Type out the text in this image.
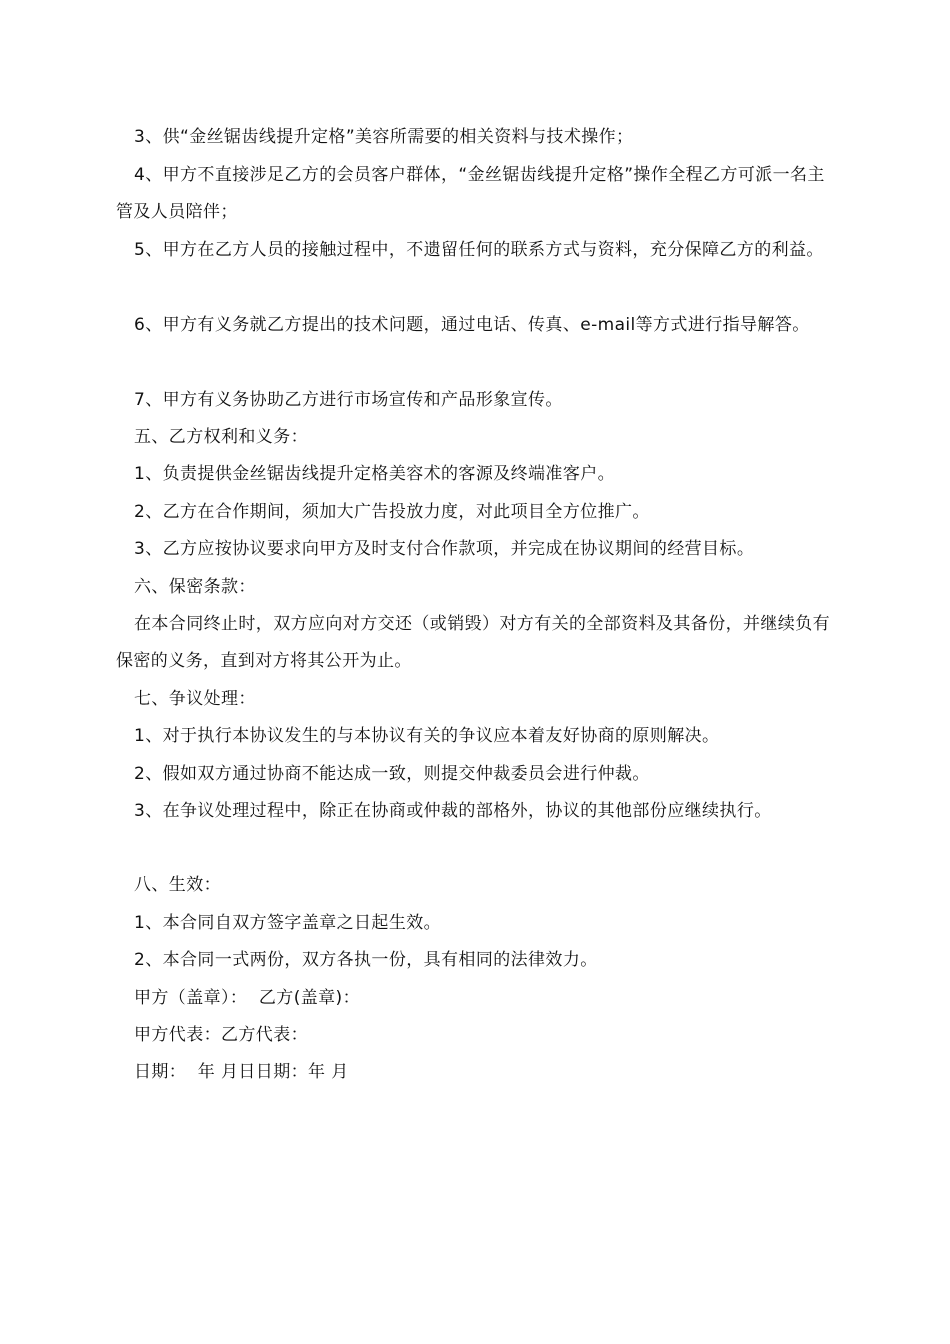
3、供“金丝锯齿线提升定格”美容所需要的相关资料与技术操作；
4、甲方不直接涉足乙方的会员客户群体，“金丝锯齿线提升定格”操作全程乙方可派一名主管及人员陪伴；
5、甲方在乙方人员的接触过程中，不遗留任何的联系方式与资料，充分保障乙方的利益。
6、甲方有义务就乙方提出的技术问题，通过电话、传真、e-mail等方式进行指导解答。
7、甲方有义务协助乙方进行市场宣传和产品形象宣传。
五、乙方权利和义务：
1、负责提供金丝锯齿线提升定格美容术的客源及终端准客户。
2、乙方在合作期间，须加大广告投放力度，对此项目全方位推广。
3、乙方应按协议要求向甲方及时支付合作款项，并完成在协议期间的经营目标。
六、保密条款：
在本合同终止时，双方应向对方交还（或销毁）对方有关的全部资料及其备份，并继续负有保密的义务，直到对方将其公开为止。
七、争议处理：
1、对于执行本协议发生的与本协议有关的争议应本着友好协商的原则解决。
2、假如双方通过协商不能达成一致，则提交仲裁委员会进行仲裁。
3、在争议处理过程中，除正在协商或仲裁的部格外，协议的其他部份应继续执行。
八、生效：
1、本合同自双方签字盖章之日起生效。
2、本合同一式两份，双方各执一份，具有相同的法律效力。
甲方（盖章）：  乙方(盖章)：
甲方代表：乙方代表：
日期：  年 月日日期：年 月
